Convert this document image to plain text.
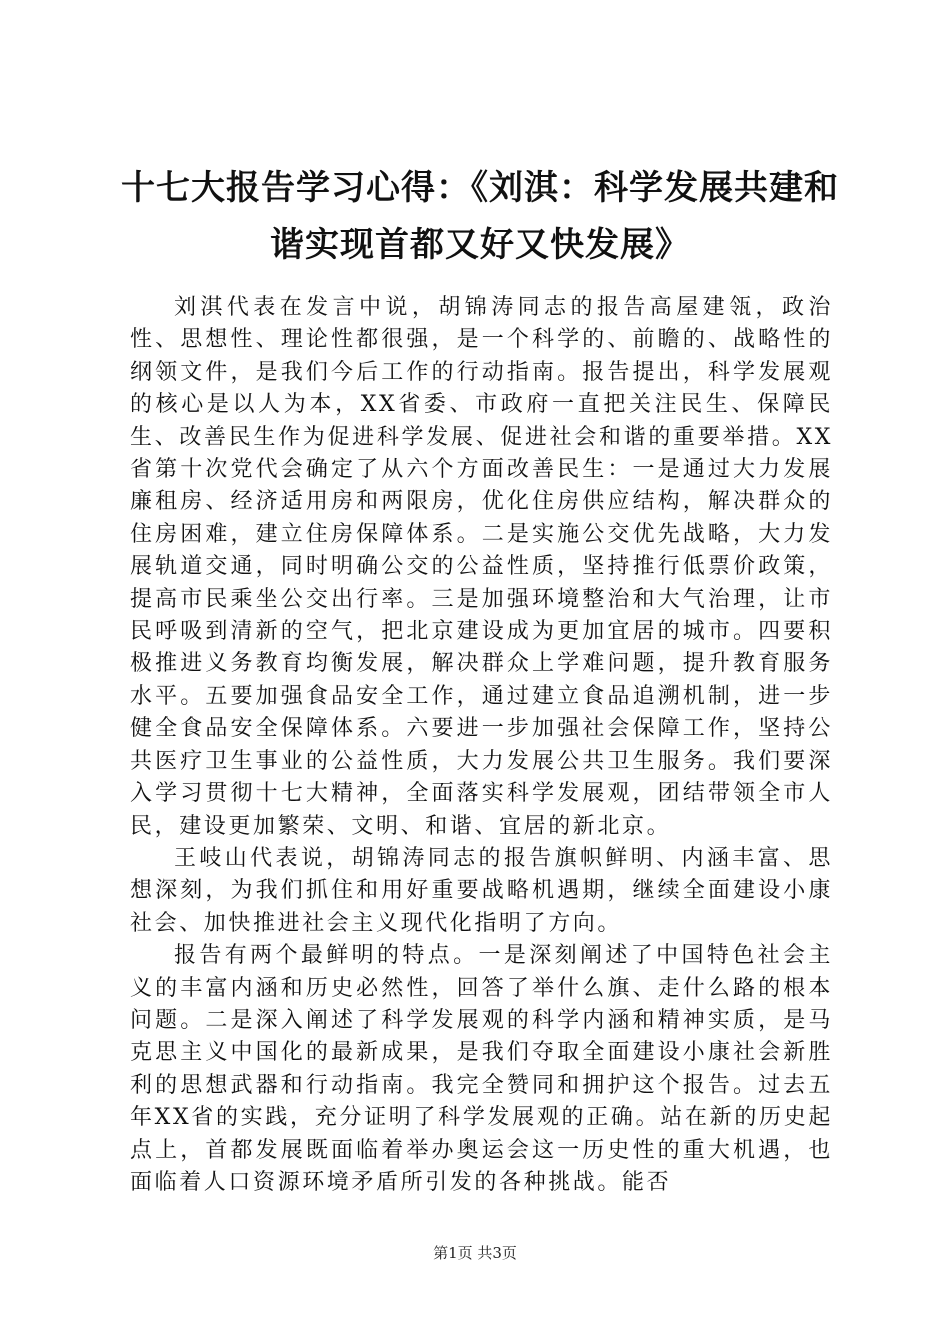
十七大报告学习心得：《刘淇：科学发展共建和谐实现首都又好又快发展》

刘淇代表在发言中说，胡锦涛同志的报告高屋建瓴，政治性、思想性、理论性都很强，是一个科学的、前瞻的、战略性的纲领文件，是我们今后工作的行动指南。报告提出，科学发展观的核心是以人为本，XX省委、市政府一直把关注民生、保障民生、改善民生作为促进科学发展、促进社会和谐的重要举措。XX省第十次党代会确定了从六个方面改善民生：一是通过大力发展廉租房、经济适用房和两限房，优化住房供应结构，解决群众的住房困难，建立住房保障体系。二是实施公交优先战略，大力发展轨道交通，同时明确公交的公益性质，坚持推行低票价政策，提高市民乘坐公交出行率。三是加强环境整治和大气治理，让市民呼吸到清新的空气，把北京建设成为更加宜居的城市。四要积极推进义务教育均衡发展，解决群众上学难问题，提升教育服务水平。五要加强食品安全工作，通过建立食品追溯机制，进一步健全食品安全保障体系。六要进一步加强社会保障工作，坚持公共医疗卫生事业的公益性质，大力发展公共卫生服务。我们要深入学习贯彻十七大精神，全面落实科学发展观，团结带领全市人民，建设更加繁荣、文明、和谐、宜居的新北京。

王岐山代表说，胡锦涛同志的报告旗帜鲜明、内涵丰富、思想深刻，为我们抓住和用好重要战略机遇期，继续全面建设小康社会、加快推进社会主义现代化指明了方向。

报告有两个最鲜明的特点。一是深刻阐述了中国特色社会主义的丰富内涵和历史必然性，回答了举什么旗、走什么路的根本问题。二是深入阐述了科学发展观的科学内涵和精神实质，是马克思主义中国化的最新成果，是我们夺取全面建设小康社会新胜利的思想武器和行动指南。我完全赞同和拥护这个报告。过去五年XX省的实践，充分证明了科学发展观的正确。站在新的历史起点上，首都发展既面临着举办奥运会这一历史性的重大机遇，也面临着人口资源环境矛盾所引发的各种挑战。能否

第1页 共3页
